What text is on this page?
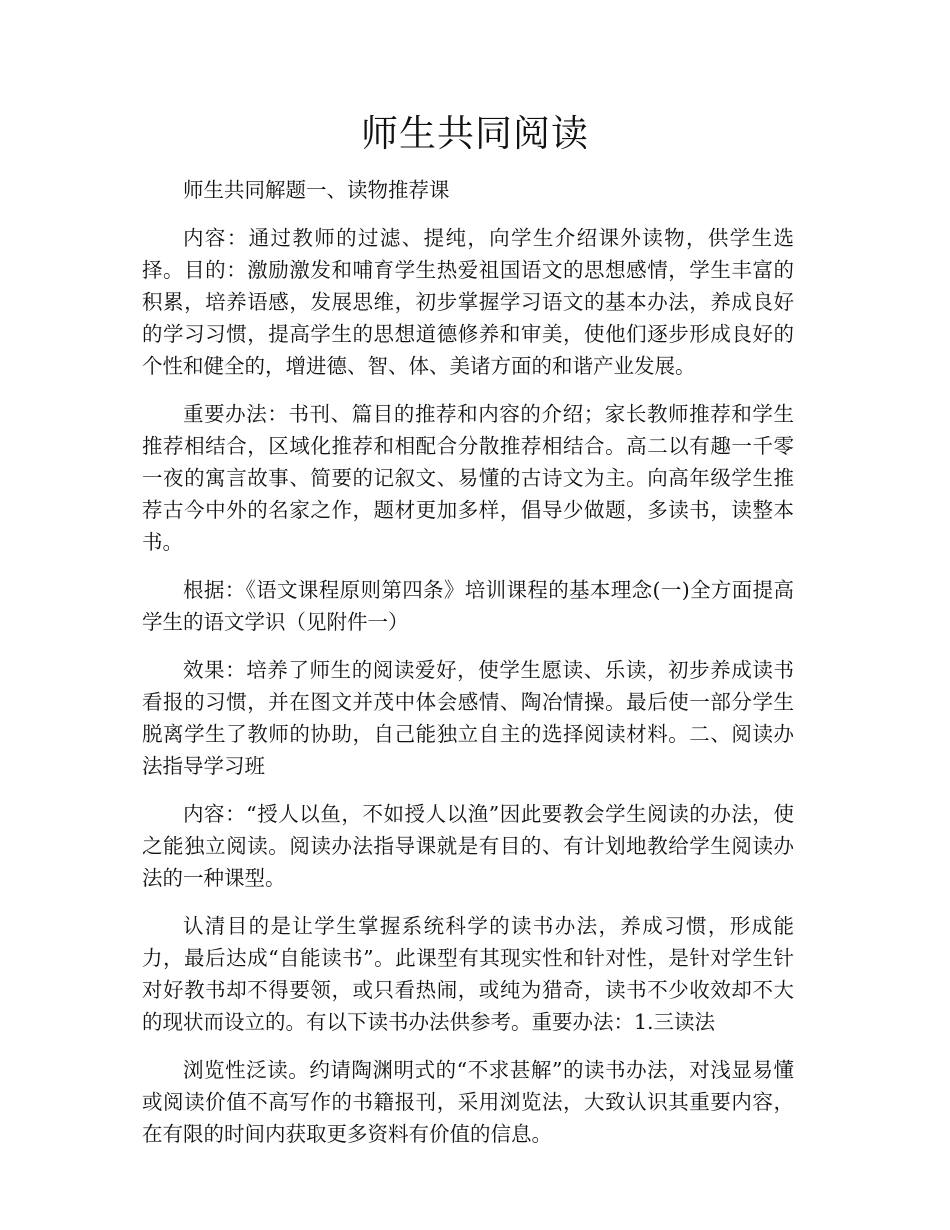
师生共同阅读

师生共同解题一、读物推荐课

内容：通过教师的过滤、提纯，向学生介绍课外读物，供学生选择。目的：激励激发和哺育学生热爱祖国语文的思想感情，学生丰富的积累，培养语感，发展思维，初步掌握学习语文的基本办法，养成良好的学习习惯，提高学生的思想道德修养和审美，使他们逐步形成良好的个性和健全的，增进德、智、体、美诸方面的和谐产业发展。

重要办法：书刊、篇目的推荐和内容的介绍；家长教师推荐和学生推荐相结合，区域化推荐和相配合分散推荐相结合。高二以有趣一千零一夜的寓言故事、简要的记叙文、易懂的古诗文为主。向高年级学生推荐古今中外的名家之作，题材更加多样，倡导少做题，多读书，读整本书。

根据：《语文课程原则第四条》培训课程的基本理念(一)全方面提高学生的语文学识（见附件一）

效果：培养了师生的阅读爱好，使学生愿读、乐读，初步养成读书看报的习惯，并在图文并茂中体会感情、陶冶情操。最后使一部分学生脱离学生了教师的协助，自己能独立自主的选择阅读材料。二、阅读办法指导学习班

内容：“授人以鱼，不如授人以渔”因此要教会学生阅读的办法，使之能独立阅读。阅读办法指导课就是有目的、有计划地教给学生阅读办法的一种课型。

认清目的是让学生掌握系统科学的读书办法，养成习惯，形成能力，最后达成“自能读书”。此课型有其现实性和针对性，是针对学生针对好教书却不得要领，或只看热闹，或纯为猎奇，读书不少收效却不大的现状而设立的。有以下读书办法供参考。重要办法：1.三读法

浏览性泛读。约请陶渊明式的“不求甚解”的读书办法，对浅显易懂或阅读价值不高写作的书籍报刊，采用浏览法，大致认识其重要内容，在有限的时间内获取更多资料有价值的信息。
